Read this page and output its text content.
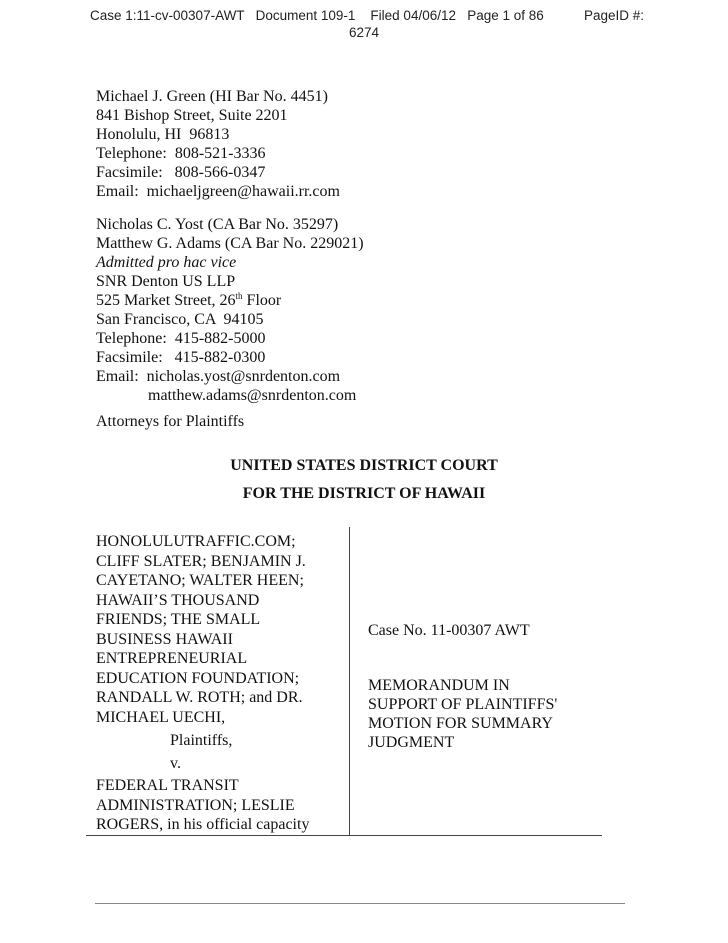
Case 1:11-cv-00307-AWT Document 109-1 Filed 04/06/12 Page 1 of 86	PageID #:
6274
Michael J. Green (HI Bar No. 4451)
841 Bishop Street, Suite 2201
Honolulu, HI  96813
Telephone:  808-521-3336
Facsimile:   808-566-0347
Email:  michaeljgreen@hawaii.rr.com
Nicholas C. Yost (CA Bar No. 35297)
Matthew G. Adams (CA Bar No. 229021)
Admitted pro hac vice
SNR Denton US LLP
525 Market Street, 26th Floor
San Francisco, CA  94105
Telephone:  415-882-5000
Facsimile:   415-882-0300
Email:  nicholas.yost@snrdenton.com
matthew.adams@snrdenton.com
Attorneys for Plaintiffs
UNITED STATES DISTRICT COURT
FOR THE DISTRICT OF HAWAII
HONOLULUTRAFFIC.COM;
CLIFF SLATER; BENJAMIN J.
CAYETANO; WALTER HEEN;
HAWAII’S THOUSAND
FRIENDS; THE SMALL
BUSINESS HAWAII
ENTREPRENEURIAL
EDUCATION FOUNDATION;
RANDALL W. ROTH; and DR.
MICHAEL UECHI,
Plaintiffs,
v.
FEDERAL TRANSIT
ADMINISTRATION; LESLIE
ROGERS, in his official capacity
Case No. 11-00307 AWT
MEMORANDUM IN
SUPPORT OF PLAINTIFFS'
MOTION FOR SUMMARY
JUDGMENT
